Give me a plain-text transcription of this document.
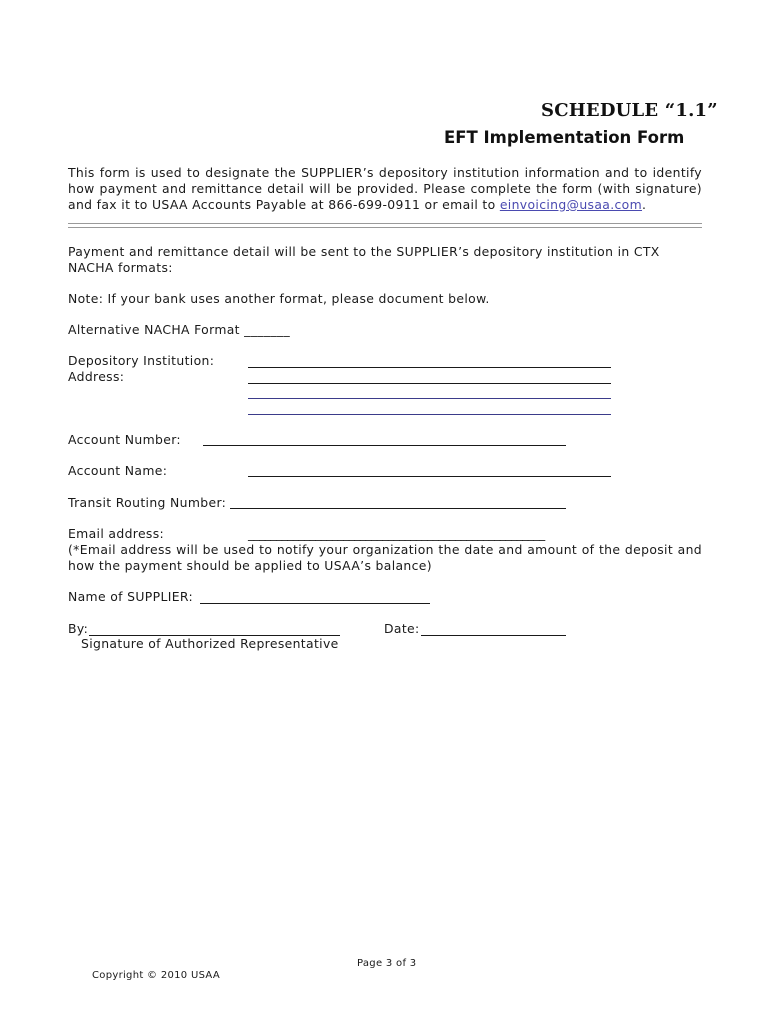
SCHEDULE “1.1”
EFT Implementation Form
This form is used to designate the SUPPLIER’s depository institution information and to identify how payment and remittance detail will be provided. Please complete the form (with signature) and fax it to USAA Accounts Payable at 866-699-0911 or email to einvoicing@usaa.com.
Payment and remittance detail will be sent to the SUPPLIER’s depository institution in CTX NACHA formats:
Note: If your bank uses another format, please document below.
Alternative NACHA Format _______
Depository Institution:
Address:
Account Number:
Account Name:
Transit Routing Number:
Email address:	_____________________________________________________
(*Email address will be used to notify your organization the date and amount of the deposit and how the payment should be applied to USAA’s balance)
Name of SUPPLIER:
By:	Date:
Signature of Authorized Representative
Page 3 of 3
Copyright © 2010 USAA
